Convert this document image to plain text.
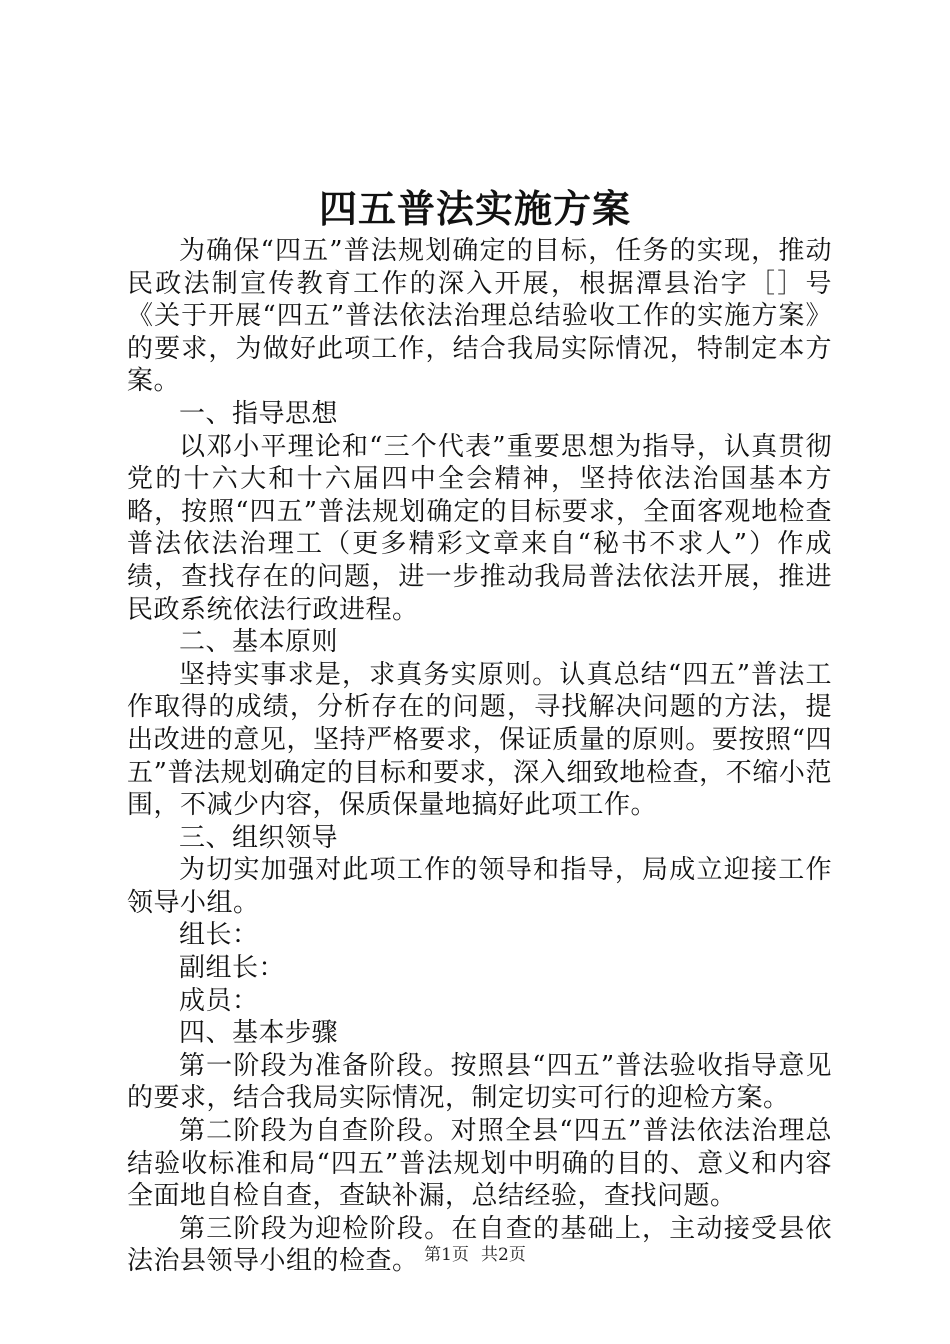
四五普法实施方案

为确保“四五”普法规划确定的目标，任务的实现，推动民政法制宣传教育工作的深入开展，根据潭县治字［］号《关于开展“四五”普法依法治理总结验收工作的实施方案》的要求，为做好此项工作，结合我局实际情况，特制定本方案。

一、指导思想

以邓小平理论和“三个代表”重要思想为指导，认真贯彻党的十六大和十六届四中全会精神，坚持依法治国基本方略，按照“四五”普法规划确定的目标要求，全面客观地检查普法依法治理工（更多精彩文章来自“秘书不求人”）作成绩，查找存在的问题，进一步推动我局普法依法开展，推进民政系统依法行政进程。

二、基本原则

坚持实事求是，求真务实原则。认真总结“四五”普法工作取得的成绩，分析存在的问题，寻找解决问题的方法，提出改进的意见，坚持严格要求，保证质量的原则。要按照“四五”普法规划确定的目标和要求，深入细致地检查，不缩小范围，不减少内容，保质保量地搞好此项工作。

三、组织领导

为切实加强对此项工作的领导和指导，局成立迎接工作领导小组。

组长：

副组长：

成员：

四、基本步骤

第一阶段为准备阶段。按照县“四五”普法验收指导意见的要求，结合我局实际情况，制定切实可行的迎检方案。

第二阶段为自查阶段。对照全县“四五”普法依法治理总结验收标准和局“四五”普法规划中明确的目的、意义和内容全面地自检自查，查缺补漏，总结经验，查找问题。

第三阶段为迎检阶段。在自查的基础上，主动接受县依法治县领导小组的检查。 第1页 共2页
